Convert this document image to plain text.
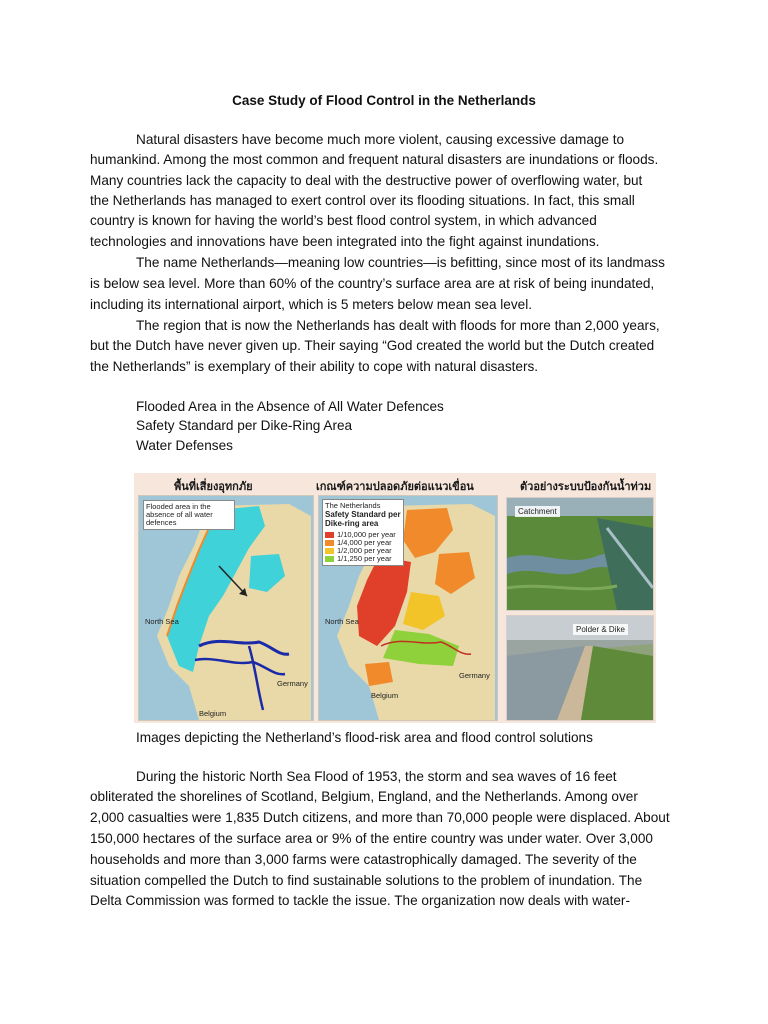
Case Study of Flood Control in the Netherlands
Natural disasters have become much more violent, causing excessive damage to
humankind. Among the most common and frequent natural disasters are inundations or floods.
Many countries lack the capacity to deal with the destructive power of overflowing water, but
the Netherlands has managed to exert control over its flooding situations. In fact, this small
country is known for having the world’s best flood control system, in which advanced
technologies and innovations have been integrated into the fight against inundations.
The name Netherlands—meaning low countries—is befitting, since most of its landmass
is below sea level. More than 60% of the country’s surface area are at risk of being inundated,
including its international airport, which is 5 meters below mean sea level.
The region that is now the Netherlands has dealt with floods for more than 2,000 years,
but the Dutch have never given up. Their saying “God created the world but the Dutch created
the Netherlands” is exemplary of their ability to cope with natural disasters.
Flooded Area in the Absence of All Water Defences
Safety Standard per Dike-Ring Area
Water Defenses
พื้นที่เสี่ยงอุทกภัย	เกณฑ์ความปลอดภัยต่อแนวเขื่อน	ตัวอย่างระบบป้องกันน้ำท่วม
Flooded area in the absence of all water defences
North Sea
Belgium
Germany
The Netherlands
Safety Standard per Dike-ring area
1/10,000 per year
1/4,000 per year
1/2,000 per year
1/1,250 per year
North Sea
Belgium
Germany
Catchment
Polder & Dike
Images depicting the Netherland’s flood-risk area and flood control solutions
During the historic North Sea Flood of 1953, the storm and sea waves of 16 feet
obliterated the shorelines of Scotland, Belgium, England, and the Netherlands. Among over
2,000 casualties were 1,835 Dutch citizens, and more than 70,000 people were displaced. About
150,000 hectares of the surface area or 9% of the entire country was under water. Over 3,000
households and more than 3,000 farms were catastrophically damaged. The severity of the
situation compelled the Dutch to find sustainable solutions to the problem of inundation. The
Delta Commission was formed to tackle the issue. The organization now deals with water-
